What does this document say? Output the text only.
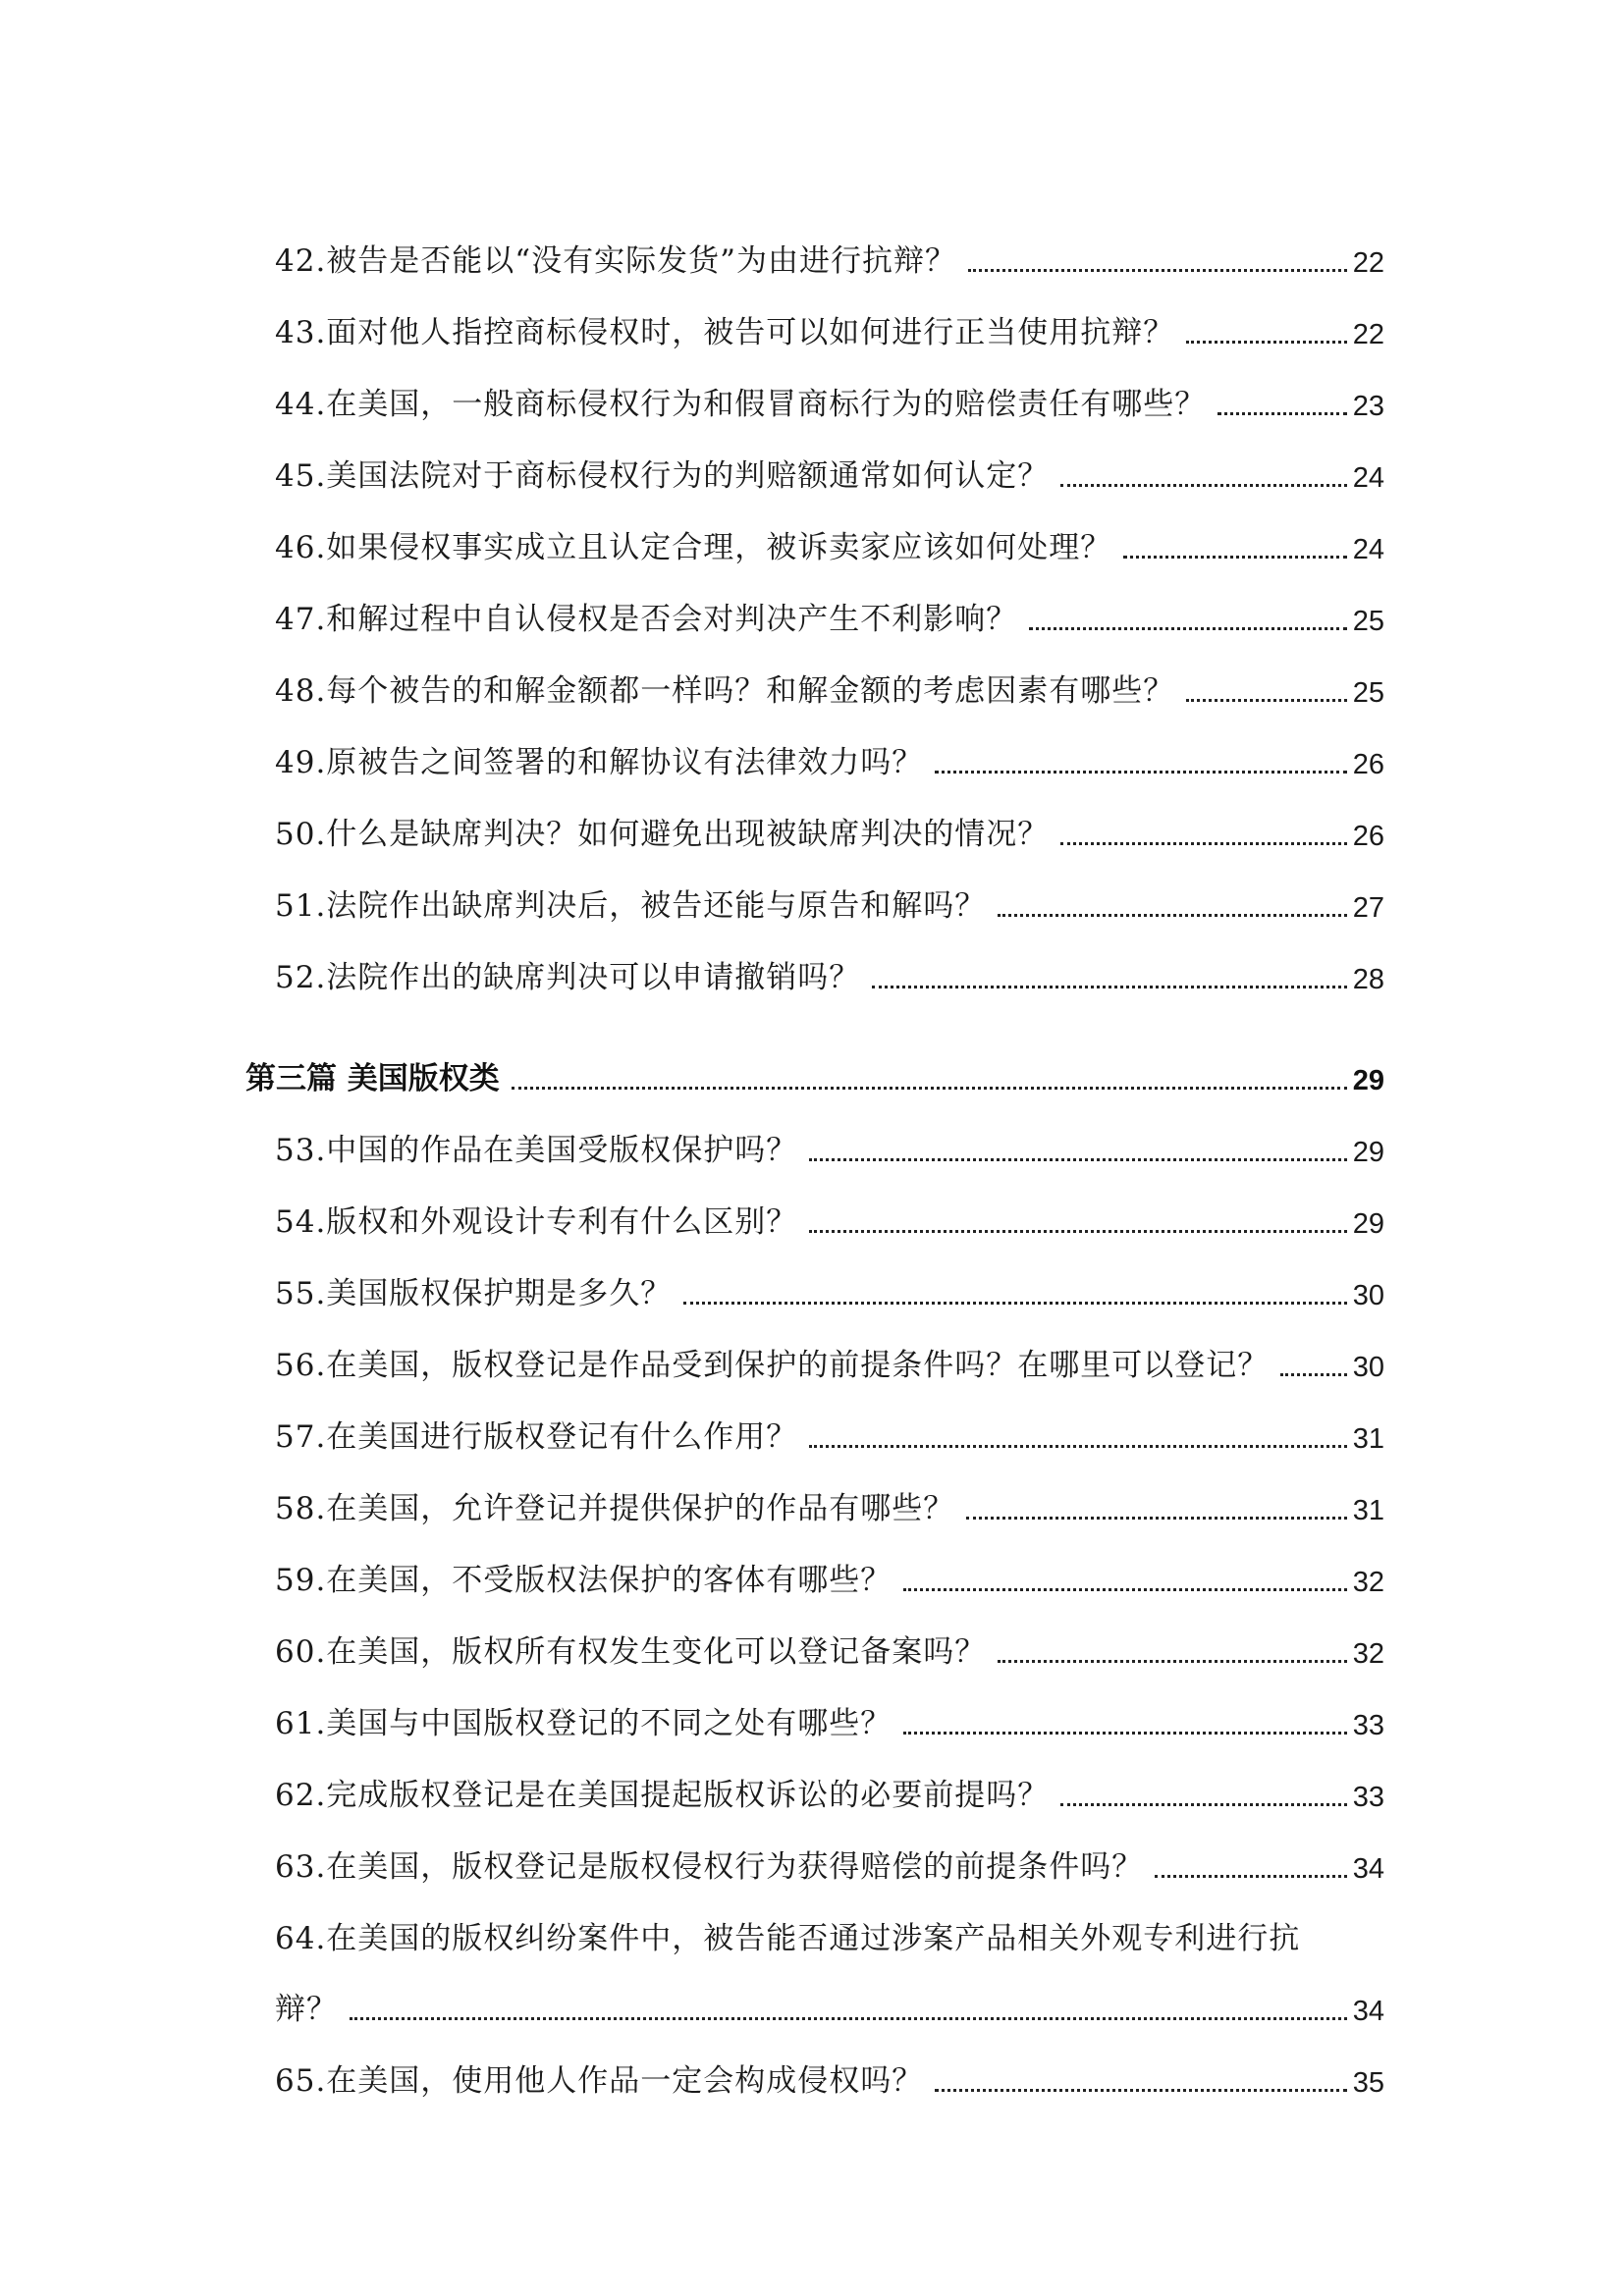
42.被告是否能以“没有实际发货”为由进行抗辩？	22
43.面对他人指控商标侵权时，被告可以如何进行正当使用抗辩？	22
44.在美国，一般商标侵权行为和假冒商标行为的赔偿责任有哪些？	23
45.美国法院对于商标侵权行为的判赔额通常如何认定？	24
46.如果侵权事实成立且认定合理，被诉卖家应该如何处理？	24
47.和解过程中自认侵权是否会对判决产生不利影响？	25
48.每个被告的和解金额都一样吗？和解金额的考虑因素有哪些？	25
49.原被告之间签署的和解协议有法律效力吗？	26
50.什么是缺席判决？如何避免出现被缺席判决的情况？	26
51.法院作出缺席判决后，被告还能与原告和解吗？	27
52.法院作出的缺席判决可以申请撤销吗？	28
第三篇 美国版权类	29
53.中国的作品在美国受版权保护吗？	29
54.版权和外观设计专利有什么区别？	29
55.美国版权保护期是多久？	30
56.在美国，版权登记是作品受到保护的前提条件吗？在哪里可以登记？	30
57.在美国进行版权登记有什么作用？	31
58.在美国，允许登记并提供保护的作品有哪些？	31
59.在美国，不受版权法保护的客体有哪些？	32
60.在美国，版权所有权发生变化可以登记备案吗？	32
61.美国与中国版权登记的不同之处有哪些？	33
62.完成版权登记是在美国提起版权诉讼的必要前提吗？	33
63.在美国，版权登记是版权侵权行为获得赔偿的前提条件吗？	34
64.在美国的版权纠纷案件中，被告能否通过涉案产品相关外观专利进行抗
辩？	34
65.在美国，使用他人作品一定会构成侵权吗？	35
